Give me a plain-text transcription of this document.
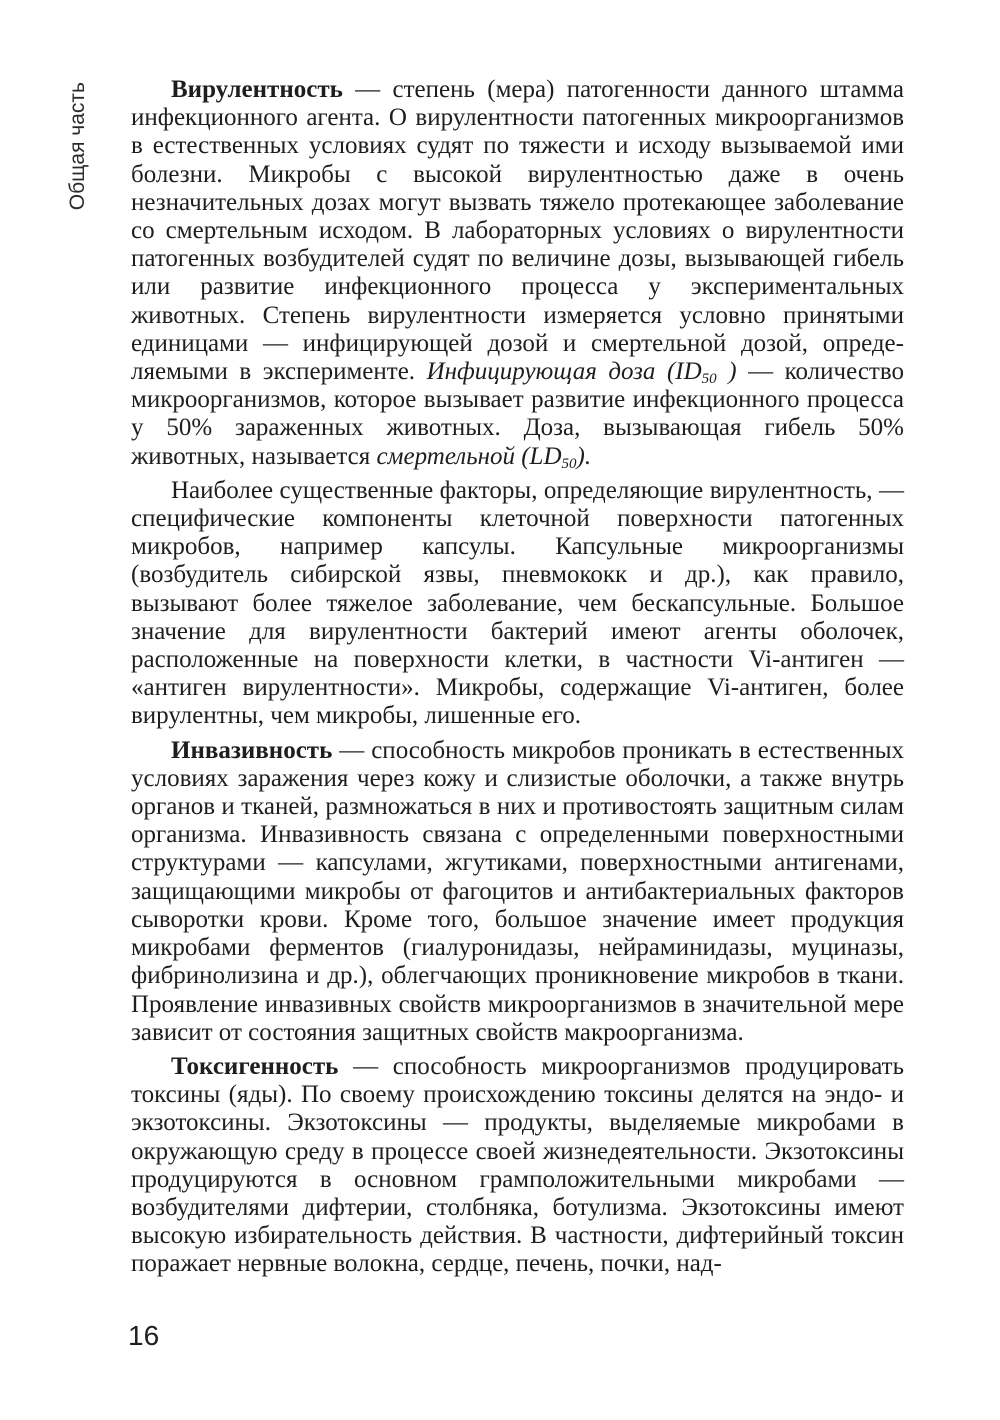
Общая часть	Вирулентность — степень (мера) патогенности данного штамма инфекционного агента. О вирулентности патогенных микроорганизмов в естественных условиях судят по тяжести и исходу вызываемой ими болезни. Микробы с высокой вирулентностью даже в очень незначительных дозах могут вызвать тяжело протекающее заболевание со смертельным исходом. В лабораторных условиях о вирулентности патогенных возбудителей судят по величине дозы, вызывающей гибель или развитие инфекционного процесса у экспериментальных животных. Степень вирулентности измеряется условно принятыми единицами — инфицирующей дозой и смертельной дозой, определяемыми в эксперименте. Инфицирующая доза ($ID_{50}$ ) — количество микроорганизмов, которое вызывает развитие инфекционного процесса у 50% зараженных животных. Доза, вызывающая гибель 50% животных, называется смертельной $(LD_{50})$.

Наиболее существенные факторы, определяющие вирулентность, — специфические компоненты клеточной поверхности патогенных микробов, например капсулы. Капсульные микроорганизмы (возбудитель сибирской язвы, пневмококк и др.), как правило, вызывают более тяжелое заболевание, чем бескапсульные. Большое значение для вирулентности бактерий имеют агенты оболочек, расположенные на поверхности клетки, в частности Vi-антиген — «антиген вирулентности». Микробы, содержащие Vi-антиген, более вирулентны, чем микробы, лишенные его.

Инвазивность — способность микробов проникать в естественных условиях заражения через кожу и слизистые оболочки, а также внутрь органов и тканей, размножаться в них и противостоять защитным силам организма. Инвазивность связана с определенными поверхностными структурами — капсулами, жгутиками, поверхностными антигенами, защищающими микробы от фагоцитов и антибактериальных факторов сыворотки крови. Кроме того, большое значение имеет продукция микробами ферментов (гиалуронидазы, нейраминидазы, муциназы, фибринолизина и др.), облегчающих проникновение микробов в ткани. Проявление инвазивных свойств микроорганизмов в значительной мере зависит от состояния защитных свойств макроорганизма.

Токсигенность — способность микроорганизмов продуцировать токсины (яды). По своему происхождению токсины делятся на эндо- и экзотоксины. Экзотоксины — продукты, выделяемые микробами в окружающую среду в процессе своей жизнедеятельности. Экзотоксины продуцируются в основном грамположительными микробами — возбудителями дифтерии, столбняка, ботулизма. Экзотоксины имеют высокую избирательность действия. В частности, дифтерийный токсин поражает нервные волокна, сердце, печень, почки, над-

16
